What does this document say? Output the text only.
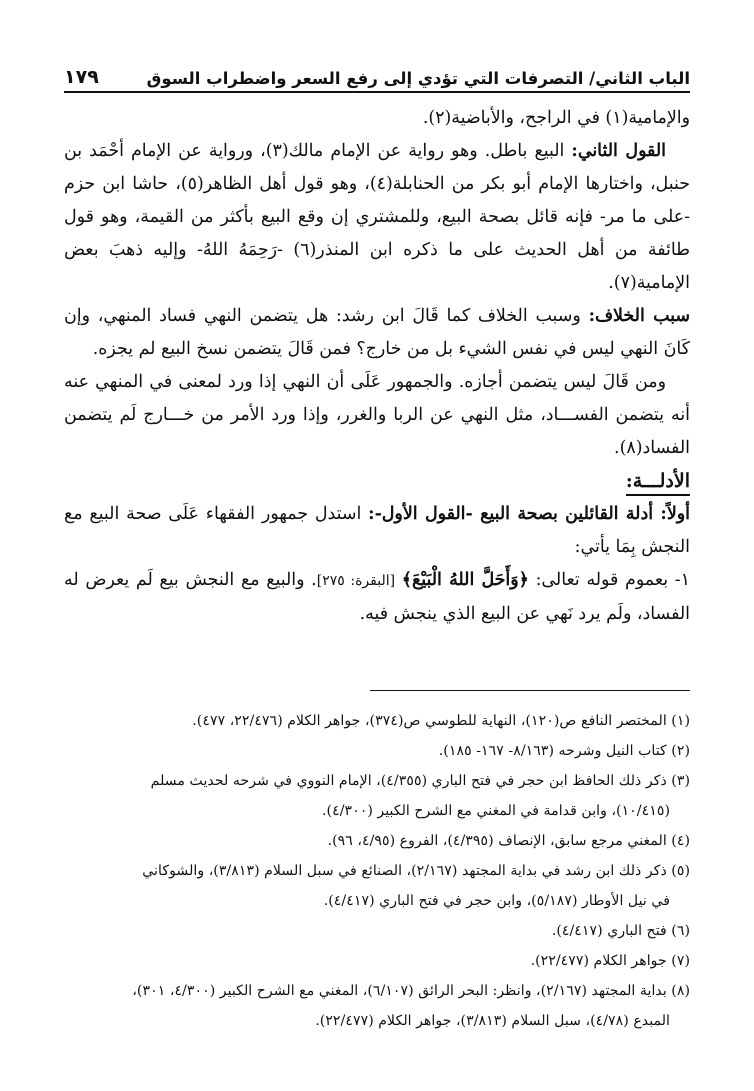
الباب الثاني/ التصرفات التي تؤدي إلى رفع السعر واضطراب السوق
١٧٩

والإمامية(١) في الراجح، والأباضية(٢).

القول الثاني: البيع باطل. وهو رواية عن الإمام مالك(٣)، ورواية عن الإمام أحْمَد بن حنبل، واختارها الإمام أبو بكر من الحنابلة(٤)، وهو قول أهل الظاهر(٥)، حاشا ابن حزم -على ما مر- فإنه قائل بصحة البيع، وللمشتري إن وقع البيع بأكثر من القيمة، وهو قول طائفة من أهل الحديث على ما ذكره ابن المنذر(٦) -رَحِمَهُ اللهُ- وإليه ذهبَ بعض الإمامية(٧).

سبب الخلاف: وسبب الخلاف كما قَالَ ابن رشد: هل يتضمن النهي فساد المنهي، وإن كَانَ النهي ليس في نفس الشيء بل من خارج؟ فمن قَالَ يتضمن نسخ البيع لم يجزه.

ومن قَالَ ليس يتضمن أجازه. والجمهور عَلَى أن النهي إذا ورد لمعنى في المنهي عنه أنه يتضمن الفســـاد، مثل النهي عن الربا والغرر، وإذا ورد الأمر من خـــارج لَم يتضمن الفساد(٨).

الأدلـــة:

أولاً: أدلة القائلين بصحة البيع -القول الأول-: استدل جمهور الفقهاء عَلَى صحة البيع مع النجش بِمَا يأتي:

١- بعموم قوله تعالى: ﴿وَأَحَلَّ اللهُ الْبَيْعَ﴾ [البقرة: ٢٧٥]. والبيع مع النجش بيع لَم يعرض له الفساد، ولَم يرد نَهي عن البيع الذي ينجش فيه.

(١) المختصر النافع ص(١٢٠)، النهاية للطوسي ص(٣٧٤)، جواهر الكلام (٢٢/٤٧٦، ٤٧٧).

(٢) كتاب النيل وشرحه (٨/١٦٣- ١٦٧- ١٨٥).

(٣) ذكر ذلك الحافظ ابن حجر في فتح الباري (٤/٣٥٥)، الإمام النووي في شرحه لحديث مسلم

(١٠/٤١٥)، وابن قدامة في المغني مع الشرح الكبير (٤/٣٠٠).

(٤) المغني مرجع سابق، الإنصاف (٤/٣٩٥)، الفروع (٤/٩٥، ٩٦).

(٥) ذكر ذلك ابن رشد في بداية المجتهد (٢/١٦٧)، الصنائع في سبل السلام (٣/٨١٣)، والشوكاني

في نيل الأوطار (٥/١٨٧)، وابن حجر في فتح الباري (٤/٤١٧).

(٦) فتح الباري (٤/٤١٧).

(٧) جواهر الكلام (٢٢/٤٧٧).

(٨) بداية المجتهد (٢/١٦٧)، وانظر: البحر الرائق (٦/١٠٧)، المغني مع الشرح الكبير (٤/٣٠٠، ٣٠١)،

المبدع (٤/٧٨)، سبل السلام (٣/٨١٣)، جواهر الكلام (٢٢/٤٧٧).
